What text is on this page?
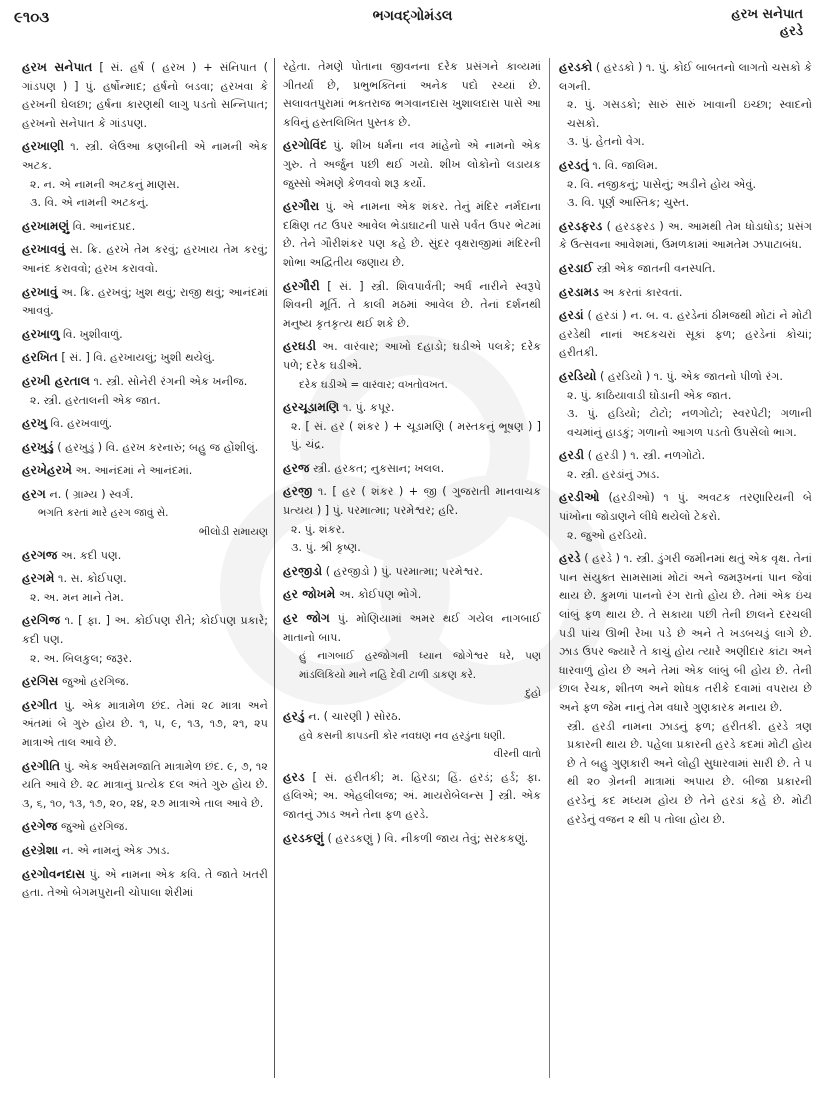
૯૧૦૩	ભગવદ્ગોમંડલ	હરખ સનેપાત
હરડે

હરખ સનેપાત [ સં. હર્ષ ( હરખ ) + સંનિપાત ( ગાંડપણ ) ] પું. હર્ષોન્માદ; હર્ષનો બડવા; હરખવા કે હરખની ઘેલછા; હર્ષના કારણથી લાગુ પડતો સન્નિપાત; હરખનો સનેપાત કે ગાંડપણ.

હરખાણી ૧. સ્ત્રી. લેઉઆ કણબીની એ નામની એક અટક.

૨. ન. એ નામની અટકનું માણસ.

૩. વિ. એ નામની અટકનું.

હરખામણું વિ. આનંદપ્રદ.

હરખાવવું સ. ક્રિ. હરખે તેમ કરવું; હરખાય તેમ કરવું; આનંદ કરાવવો; હરખ કરાવવો.

હરખાવું અ. ક્રિ. હરખવું; ખુશ થવું; રાજી થવું; આનંદમાં આવવું.

હરખાળુ વિ. ખુશીવાળું.

હરખિત [ સં. ] વિ. હરખાયલું; ખુશી થયેલું.

હરખી હરતાલ ૧. સ્ત્રી. સોનેરી રંગની એક ખનીજ.

૨. સ્ત્રી. હરતાલની એક જાત.

હરખુ વિ. હરખવાળું.

હરખુડું ( હરખુડું ) વિ. હરખ કરનારું; બહુ જ હોંશીલું.

હરખેહરખે અ. આનંદમાં ને આનંદમાં.

હરગ ન. ( ગ્રામ્ય ) સ્વર્ગ.

ભગતિ કરતાં મારે હરગ જાવું સે.

ભીલોડી રામાયણ

હરગજ અ. કદી પણ.

હરગમે ૧. સ. કોઈપણ.

૨. અ. મન માને તેમ.

હરગિજ ૧. [ ફા. ] અ. કોઈપણ રીતે; કોઈપણ પ્રકારે; કદી પણ.

૨. અ. બિલકુલ; જરૂર.

હરગિસ જુઓ હરગિજ.

હરગીત પું. એક માત્રામેળ છંદ. તેમાં ૨૮ માત્રા અને અંતમાં બે ગુરુ હોય છે. ૧, ૫, ૯, ૧૩, ૧૭, ૨૧, ૨૫ માત્રાએ તાલ આવે છે.

હરગીતિ પું. એક અર્ધસમજાતિ માત્રામેળ છંદ. ૯, ૭, ૧૨ યતિ આવે છે. ૨૮ માત્રાનું પ્રત્યેક દલ અંતે ગુરુ હોય છે. ૩, ૬, ૧૦, ૧૩, ૧૭, ૨૦, ૨૪, ૨૭ માત્રાએ તાલ આવે છે.

હરગેજ જુઓ હરગિજ.

હરગ્રેશા ન. એ નામનું એક ઝાડ.

હરગોવનદાસ પું. એ નામના એક કવિ. તે જાતે ખતરી હતા. તેઓ બેગમપુરાની ચોપાલા શેરીમાં

રહેતા. તેમણે પોતાના જીવનના દરેક પ્રસંગને કાવ્યમાં ગીતર્યા છે, પ્રભુભક્તિનાં અનેક પદો રચ્યાં છે. સલાવતપુરામાં ભક્તરાજ ભગવાનદાસ ખુશાલદાસ પાસે આ કવિનું હસ્તલિખિત પુસ્તક છે.

હરગોવિંદ પું. શીખ ધર્મના નવ માંહેનો એ નામનો એક ગુરુ. તે અર્જુન પછી થઈ ગયો. શીખ લોકોનો લડાયક જુસ્સો એમણે કેળવવો શરૂ કર્યો.

હરગૌરા પું. એ નામના એક શંકર. તેનું મંદિર નર્મદાના દક્ષિણ તટ ઉપર આવેલ ભેડાઘાટની પાસે પર્વત ઉપર ભેટમાં છે. તેને ગૌરીશંકર પણ કહે છે. સુંદર વૃક્ષરાજીમાં મંદિરની શોભા અદ્વિતીય જણાય છે.

હરગૌરી [ સં. ] સ્ત્રી. શિવપાર્વતી; અર્ધ નારીને સ્વરૂપે શિવની મૂર્તિ. તે કાલી મઠમાં આવેલ છે. તેનાં દર્શનથી મનુષ્ય કૃતકૃત્ય થઈ શકે છે.

હરઘડી અ. વારંવાર; આખો દહાડો; ઘડીએ પલકે; દરેક પળે; દરેક ઘડીએ.

દરેક ઘડીએ = વારંવાર; વખતોવખત.

હરચૂડામણિ ૧. પું. કપૂર.

૨. [ સં. હર ( શંકર ) + ચૂડામણિ ( મસ્તકનું ભૂષણ ) ] પું. ચંદ્ર.

હરજ સ્ત્રી. હરકત; નુકસાન; ખલલ.

હરજી ૧. [ હર ( શંકર ) + જી ( ગુજરાતી માનવાચક પ્રત્યય ) ] પું. પરમાત્મા; પરમેશ્વર; હરિ.

૨. પું. શંકર.

૩. પું. શ્રી કૃષ્ણ.

હરજીડો ( હરજીડો ) પું. પરમાત્મા; પરમેશ્વર.

હર જોખમે અ. કોઈપણ ભોગે.

હર જોગ પું. મોણિયામાં અમર થઈ ગયેલ નાગબાઈ માતાનો બાપ.

હું નાગબાઈ હરજોગની ધ્યાન જોગેશ્વર ધરે, પણ માંડલિકિયો માને નહિ દેવી ટાળી ડાકણ કરે.

દુહો

હરડું ન. ( ચારણી ) સોરઠ.

હવે કસની કાપડની કોર નવઘણ નવ હરડુંના ધણી.

વીરની વાતો

હરડ [ સં. હરીતકી; મ. હિરડા; હિં. હરડં; હર્ડ; ફા. હલિએ; અ. એહલીલજ; અં. માયરોબેલન્સ ] સ્ત્રી. એક જાતનું ઝાડ અને તેના ફળ હરડે.

હરડકણું ( હરડકણું ) વિ. નીકળી જાય તેવું; સરકકણું.

હરડકો ( હરડકો ) ૧. પું. કોઈ બાબતનો લાગતો ચસકો કે લગની.

૨. પું. ગસડકો; સારું સારું ખાવાની ઇચ્છા; સ્વાદનો ચસકો.

૩. પું. હેતનો વેગ.

હરડતું ૧. વિ. જાલિમ.

૨. વિ. નજીકનું; પાસેનું; અડીને હોય એવું.

૩. વિ. પૂર્ણ આસ્તિક; ચુસ્ત.

હરડફરડ ( હરડફરડ ) અ. આમથી તેમ ધોડાધોડ; પ્રસંગ કે ઉત્સવના આવેશમાં, ઉમળકામાં આમતેમ ઝપાટાબંધ.

હરડાઈ સ્ત્રી એક જાતની વનસ્પતિ.

હરડામડ અ કરતાં કારવતાં.

હરડાં ( હરડાં ) ન. બ. વ. હરડેનાં ઠીમજથી મોટાં ને મોટી હરડેથી નાનાં અદકચરાં સૂકાં ફળ; હરડેનાં કોચાં; હરીતકી.

હરડિયો ( હરડિયો ) ૧. પું. એક જાતનો પીળો રંગ.

૨. પું. કાઠિયાવાડી ઘોડાની એક જાત.

૩. પું. હડિયો; ટોટો; નળગોટો; સ્વરપેટી; ગળાની વચમાંનું હાડકું; ગળાનો આગળ પડતો ઉપસેલો ભાગ.

હરડી ( હરડી ) ૧. સ્ત્રી. નળગોટો.

૨. સ્ત્રી. હરડાંનું ઝાડ.

હરડીઓ (હરડીઓ) ૧ પું. અવટક તરણારિયની બે પાંખોના જોડાણને લીધે થયેલો ટેકરો.

૨. જુઓ હરડિયો.

હરડે ( હરડે ) ૧. સ્ત્રી. ડુંગરી જમીનમાં થતું એક વૃક્ષ. તેનાં પાન સંયુક્ત સામસામાં મોટાં અને જમરૂખનાં પાન જેવાં થાય છે. કુમળાં પાનનો રંગ રાતો હોય છે. તેમાં એક ઇંચ લાંબું ફળ થાય છે. તે સકાયા પછી તેની છાલને દરચલી પડી પાંચ ઊભી રેખા પડે છે અને તે ખડબચડું લાગે છે. ઝાડ ઉપર જ્યારે તે કાચું હોય ત્યારે અણીદાર કાંટા અને ધારવાળું હોય છે અને તેમાં એક લાંબું બી હોય છે. તેની છાલ રેચક, શીતળ અને શોધક તરીકે દવામાં વપરાય છે અને ફળ જેમ નાનું તેમ વધારે ગુણકારક મનાય છે.

સ્ત્રી. હરડી નામના ઝાડનું ફળ; હરીતકી. હરડે ત્રણ પ્રકારની થાય છે. પહેલા પ્રકારની હરડે કદમાં મોટી હોય છે તે બહુ ગુણકારી અને લોહી સુધારવામાં સારી છે. તે ૫ થી ૨૦ ગ્રેનની માત્રામાં અપાય છે. બીજા પ્રકારની હરડેનું કદ મધ્યમ હોય છે તેને હરડાં કહે છે. મોટી હરડેનું વજન ૨ થી ૫ તોલા હોય છે.
